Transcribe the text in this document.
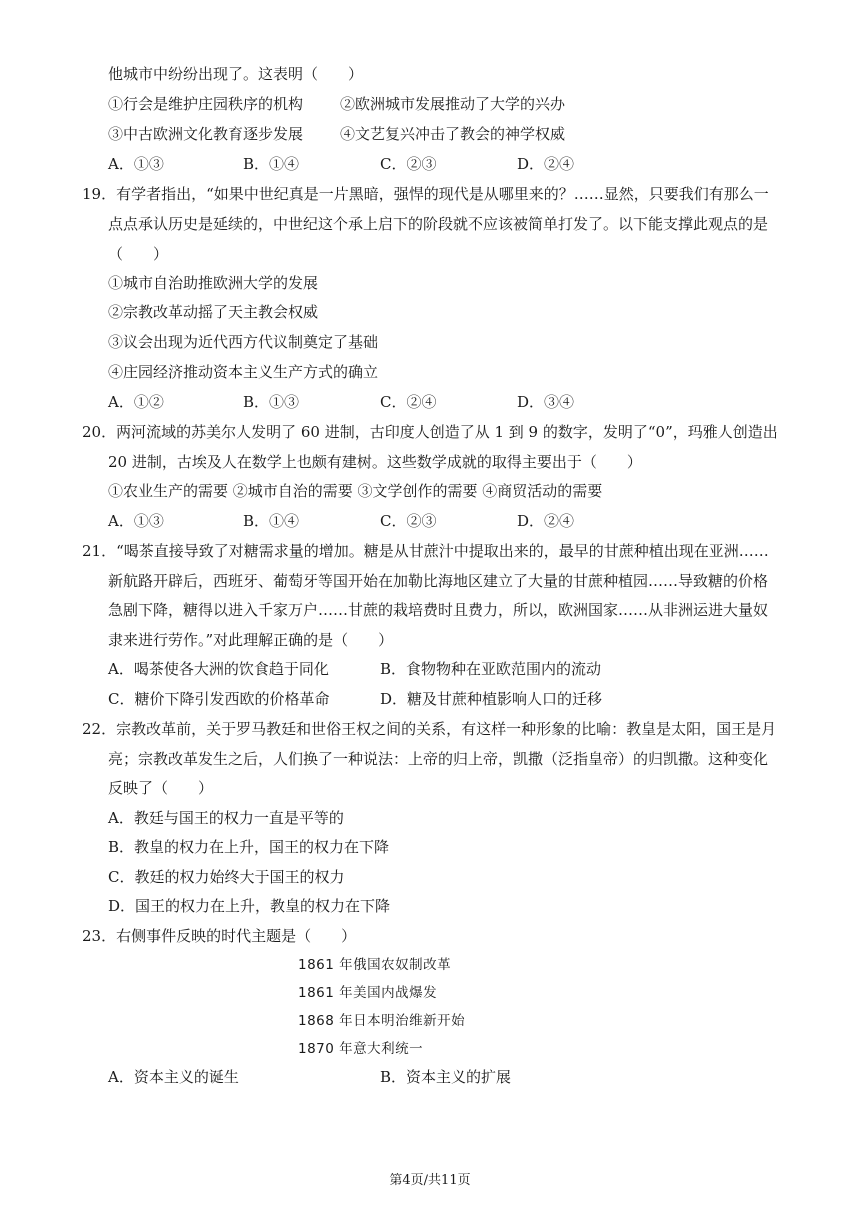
他城市中纷纷出现了。这表明（　　）
①行会是维护庄园秩序的机构 ②欧洲城市发展推动了大学的兴办
③中古欧洲文化教育逐步发展 ④文艺复兴冲击了教会的神学权威
A．①③	B．①④	C．②③	D．②④
19．有学者指出，“如果中世纪真是一片黑暗，强悍的现代是从哪里来的？……显然，只要我们有那么一
点点承认历史是延续的，中世纪这个承上启下的阶段就不应该被简单打发了。以下能支撑此观点的是
（　　）
①城市自治助推欧洲大学的发展
②宗教改革动摇了天主教会权威
③议会出现为近代西方代议制奠定了基础
④庄园经济推动资本主义生产方式的确立
A．①②	B．①③	C．②④	D．③④
20．两河流域的苏美尔人发明了 60 进制，古印度人创造了从 1 到 9 的数字，发明了“0”，玛雅人创造出
20 进制，古埃及人在数学上也颇有建树。这些数学成就的取得主要出于（　　）
①农业生产的需要 ②城市自治的需要 ③文学创作的需要 ④商贸活动的需要
A．①③	B．①④	C．②③	D．②④
21．“喝茶直接导致了对糖需求量的增加。糖是从甘蔗汁中提取出来的，最早的甘蔗种植出现在亚洲……
新航路开辟后，西班牙、葡萄牙等国开始在加勒比海地区建立了大量的甘蔗种植园……导致糖的价格
急剧下降，糖得以进入千家万户……甘蔗的栽培费时且费力，所以，欧洲国家……从非洲运进大量奴
隶来进行劳作。”对此理解正确的是（　　）
A．喝茶使各大洲的饮食趋于同化	B．食物物种在亚欧范围内的流动
C．糖价下降引发西欧的价格革命	D．糖及甘蔗种植影响人口的迁移
22．宗教改革前，关于罗马教廷和世俗王权之间的关系，有这样一种形象的比喻：教皇是太阳，国王是月
亮；宗教改革发生之后，人们换了一种说法：上帝的归上帝，凯撒（泛指皇帝）的归凯撒。这种变化
反映了（　　）
A．教廷与国王的权力一直是平等的
B．教皇的权力在上升，国王的权力在下降
C．教廷的权力始终大于国王的权力
D．国王的权力在上升，教皇的权力在下降
23．右侧事件反映的时代主题是（　　）
1861 年俄国农奴制改革
1861 年美国内战爆发
1868 年日本明治维新开始
1870 年意大利统一
A．资本主义的诞生	B．资本主义的扩展
第4页/共11页
